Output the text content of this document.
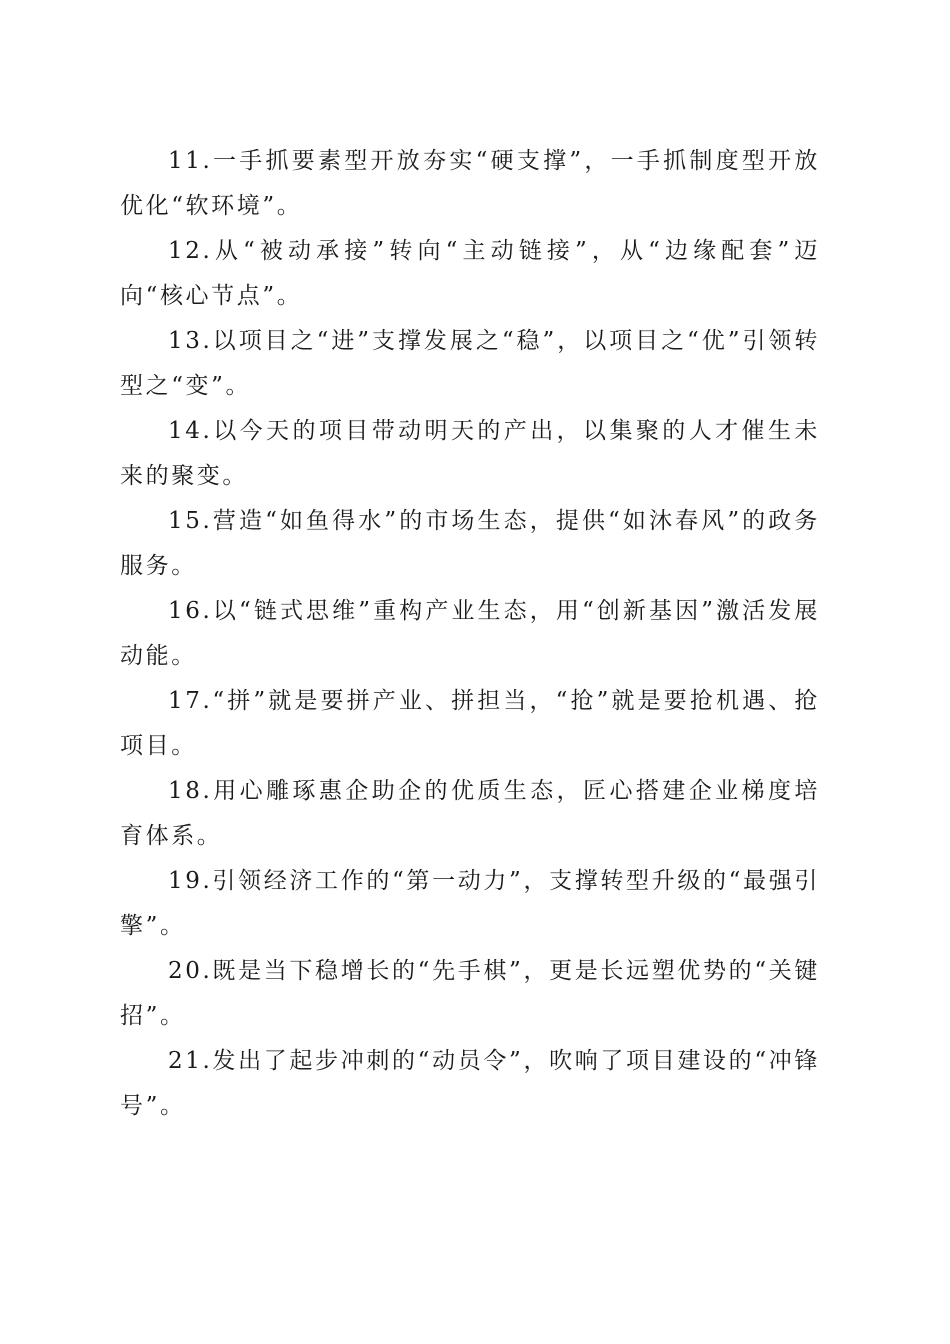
11.一手抓要素型开放夯实“硬支撑”，一手抓制度型开放优化“软环境”。

12.从“被动承接”转向“主动链接”，从“边缘配套”迈向“核心节点”。

13.以项目之“进”支撑发展之“稳”，以项目之“优”引领转型之“变”。

14.以今天的项目带动明天的产出，以集聚的人才催生未来的聚变。

15.营造“如鱼得水”的市场生态，提供“如沐春风”的政务服务。

16.以“链式思维”重构产业生态，用“创新基因”激活发展动能。

17.“拼”就是要拼产业、拼担当，“抢”就是要抢机遇、抢项目。

18.用心雕琢惠企助企的优质生态，匠心搭建企业梯度培育体系。

19.引领经济工作的“第一动力”，支撑转型升级的“最强引擎”。

20.既是当下稳增长的“先手棋”，更是长远塑优势的“关键招”。

21.发出了起步冲刺的“动员令”，吹响了项目建设的“冲锋号”。
